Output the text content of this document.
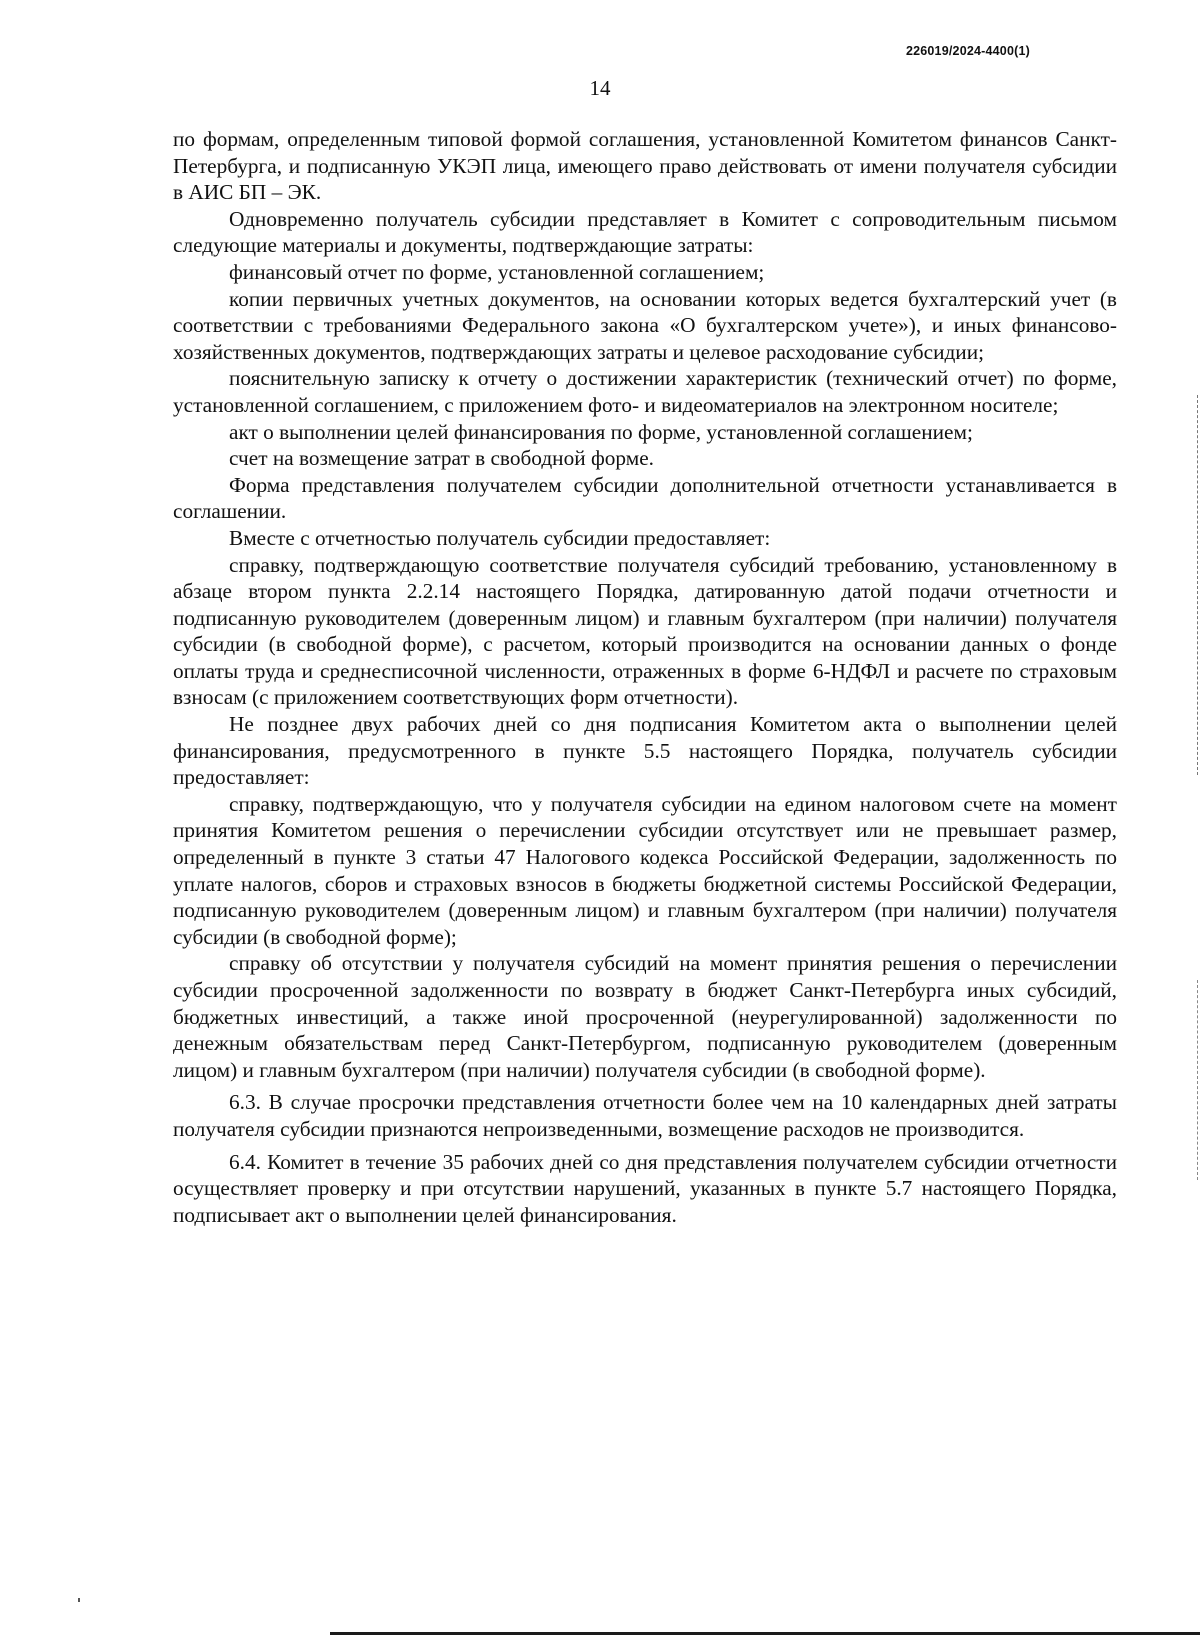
226019/2024-4400(1)
14

по формам, определенным типовой формой соглашения, установленной Комитетом финансов Санкт-Петербурга, и подписанную УКЭП лица, имеющего право действовать от имени получателя субсидии в АИС БП – ЭК.

Одновременно получатель субсидии представляет в Комитет с сопроводительным письмом следующие материалы и документы, подтверждающие затраты:

финансовый отчет по форме, установленной соглашением;

копии первичных учетных документов, на основании которых ведется бухгалтерский учет (в соответствии с требованиями Федерального закона «О бухгалтерском учете»), и иных финансово-хозяйственных документов, подтверждающих затраты и целевое расходование субсидии;

пояснительную записку к отчету о достижении характеристик (технический отчет) по форме, установленной соглашением, с приложением фото- и видеоматериалов на электронном носителе;

акт о выполнении целей финансирования по форме, установленной соглашением;

счет на возмещение затрат в свободной форме.

Форма представления получателем субсидии дополнительной отчетности устанавливается в соглашении.

Вместе с отчетностью получатель субсидии предоставляет:

справку, подтверждающую соответствие получателя субсидий требованию, установленному в абзаце втором пункта 2.2.14 настоящего Порядка, датированную датой подачи отчетности и подписанную руководителем (доверенным лицом) и главным бухгалтером (при наличии) получателя субсидии (в свободной форме), с расчетом, который производится на основании данных о фонде оплаты труда и среднесписочной численности, отраженных в форме 6-НДФЛ и расчете по страховым взносам (с приложением соответствующих форм отчетности).

Не позднее двух рабочих дней со дня подписания Комитетом акта о выполнении целей финансирования, предусмотренного в пункте 5.5 настоящего Порядка, получатель субсидии предоставляет:

справку, подтверждающую, что у получателя субсидии на едином налоговом счете на момент принятия Комитетом решения о перечислении субсидии отсутствует или не превышает размер, определенный в пункте 3 статьи 47 Налогового кодекса Российской Федерации, задолженность по уплате налогов, сборов и страховых взносов в бюджеты бюджетной системы Российской Федерации, подписанную руководителем (доверенным лицом) и главным бухгалтером (при наличии) получателя субсидии (в свободной форме);

справку об отсутствии у получателя субсидий на момент принятия решения о перечислении субсидии просроченной задолженности по возврату в бюджет Санкт-Петербурга иных субсидий, бюджетных инвестиций, а также иной просроченной (неурегулированной) задолженности по денежным обязательствам перед Санкт-Петербургом, подписанную руководителем (доверенным лицом) и главным бухгалтером (при наличии) получателя субсидии (в свободной форме).

6.3. В случае просрочки представления отчетности более чем на 10 календарных дней затраты получателя субсидии признаются непроизведенными, возмещение расходов не производится.

6.4. Комитет в течение 35 рабочих дней со дня представления получателем субсидии отчетности осуществляет проверку и при отсутствии нарушений, указанных в пункте 5.7 настоящего Порядка, подписывает акт о выполнении целей финансирования.
